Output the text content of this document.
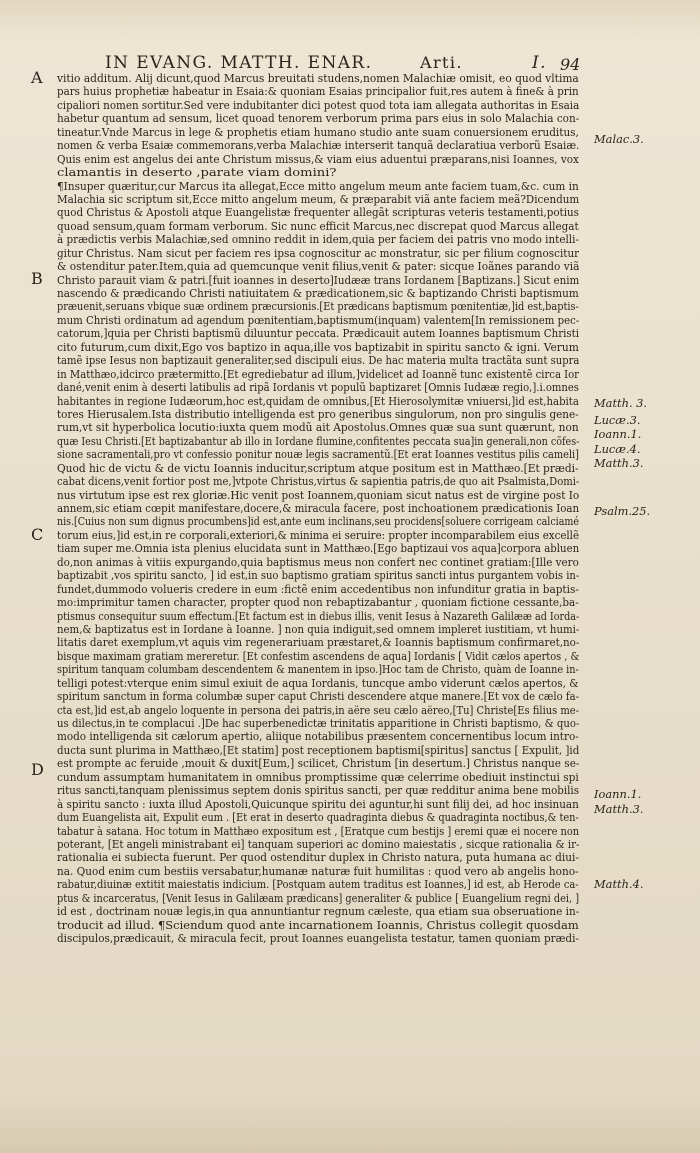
IN EVANG. MATTH. ENAR.	Arti.	I. 94
A
B
C
D
Malac.3.
Matth. 3.
Lucæ.3.
Ioann.1.
Lucæ.4.
Matth.3.
Psalm.25.
Ioann.1.
Matth.3.
Matth.4.
vitio additum. Alij dicunt,quod Marcus breuitati studens,nomen Malachiæ omisit, eo quod vltima
pars huius prophetiæ habeatur in Esaia:& quoniam Esaias principalior fuit,res autem à fine& à prin
cipaliori nomen sortitur.Sed vere indubitanter dici potest quod tota iam allegata authoritas in Esaia
habetur quantum ad sensum, licet quoad tenorem verborum prima pars eius in solo Malachia con-
tineatur.Vnde Marcus in lege & prophetis etiam humano studio ante suam conuersionem eruditus,
nomen & verba Esaiæ commemorans,verba Malachiæ interserit tanquã declaratiua verborũ Esaiæ.
Quis enim est angelus dei ante Christum missus,& viam eius aduentui præparans,nisi Ioannes, vox
clamantis in deserto ,parate viam domini?
¶Insuper quæritur,cur Marcus ita allegat,Ecce mitto angelum meum ante faciem tuam,&c. cum in
Malachia sic scriptum sit,Ecce mitto angelum meum, & præparabit viã ante faciem meã?Dicendum
quod Christus & Apostoli atque Euangelistæ frequenter allegãt scripturas veteris testamenti,potius
quoad sensum,quam formam verborum. Sic nunc efficit Marcus,nec discrepat quod Marcus allegat
à prædictis verbis Malachiæ,sed omnino reddit in idem,quia per faciem dei patris vno modo intelli-
gitur Christus. Nam sicut per faciem res ipsa cognoscitur ac monstratur, sic per filium cognoscitur
& ostenditur pater.Item,quia ad quemcunque venit filius,venit & pater: sicque Ioãnes parando viã
Christo parauit viam & patri.[fuit ioannes in deserto]Iudææ trans Iordanem [Baptizans.] Sicut enim
nascendo & prædicando Christi natiuitatem & prædicationem,sic & baptizando Christi baptismum
præuenit,seruans vbique suæ ordinem præcursionis.[Et prædicans baptismum pœnitentiæ,]id est,baptis-
mum Christi ordinatum ad agendum pœnitentiam,baptismum(inquam) valentem[In remissionem pec-
catorum,]quia per Christi baptismũ diluuntur peccata. Prædicauit autem Ioannes baptismum Christi
cito futurum,cum dixit,Ego vos baptizo in aqua,ille vos baptizabit in spiritu sancto & igni. Verum
tamẽ ipse Iesus non baptizauit generaliter,sed discipuli eius. De hac materia multa tractãta sunt supra
in Matthæo,idcirco prætermitto.[Et egrediebatur ad illum,]videlicet ad Ioannẽ tunc existentẽ circa Ior
dané,venit enim à deserti latibulis ad ripã Iordanis vt populũ baptizaret [Omnis Iudææ regio,].i.omnes
habitantes in regione Iudæorum,hoc est,quidam de omnibus,[Et Hierosolymitæ vniuersi,]id est,habita
tores Hierusalem.Ista distributio intelligenda est pro generibus singulorum, non pro singulis gene-
rum,vt sit hyperbolica locutio:iuxta quem modũ ait Apostolus.Omnes quæ sua sunt quærunt, non
quæ Iesu Christi.[Et baptizabantur ab illo in Iordane flumine,confitentes peccata sua]in generali,non cõfes-
sione sacramentali,pro vt confessio ponitur nouæ legis sacramentũ.[Et erat Ioannes vestitus pilis cameli]
Quod hic de victu & de victu Ioannis inducitur,scriptum atque positum est in Matthæo.[Et prædi-
cabat dicens,venit fortior post me,]vtpote Christus,virtus & sapientia patris,de quo ait Psalmista,Domi-
nus virtutum ipse est rex gloriæ.Hic venit post Ioannem,quoniam sicut natus est de virgine post Io
annem,sic etiam cœpit manifestare,docere,& miracula facere, post inchoationem prædicationis Ioan
nis.[Cuius non sum dignus procumbens]id est,ante eum inclinans,seu procidens[soluere corrigeam calciamé
torum eius,]id est,in re corporali,exteriori,& minima ei seruire: propter incomparabilem eius excellẽ
tiam super me.Omnia ista plenius elucidata sunt in Matthæo.[Ego baptizaui vos aqua]corpora abluen
do,non animas à vitiis expurgando,quia baptismus meus non confert nec continet gratiam:[Ille vero
baptizabit ,vos spiritu sancto, ] id est,in suo baptismo gratiam spiritus sancti intus purgantem vobis in-
fundet,dummodo volueris credere in eum :fictẽ enim accedentibus non infunditur gratia in baptis-
mo:imprimitur tamen character, propter quod non rebaptizabantur , quoniam fictione cessante,ba-
ptismus consequitur suum effectum.[Et factum est in diebus illis, venit Iesus à Nazareth Galilææ ad Iorda-
nem,& baptizatus est in Iordane à Ioanne. ] non quia indiguit,sed omnem impleret iustitiam, vt humi-
litatis daret exemplum,vt aquis vim regenerariuam præstaret,& Ioannis baptismum confirmaret,no-
bisque maximam gratiam mereretur. [Et confestim ascendens de aqua] Iordanis [ Vidit cælos apertos , &
spiritum tanquam columbam descendentem & manentem in ipso.]Hoc tam de Christo, quàm de Ioanne in-
telligi potest:vterque enim simul exiuit de aqua Iordanis, tuncque ambo viderunt cælos apertos, &
spiritum sanctum in forma columbæ super caput Christi descendere atque manere.[Et vox de cælo fa-
cta est,]id est,ab angelo loquente in persona dei patris,in aëre seu cælo aëreo,[Tu] Christe[Es filius me-
us dilectus,in te complacui .]De hac superbenedictæ trinitatis apparitione in Christi baptismo, & quo-
modo intelligenda sit cælorum apertio, aliique notabilibus præsentem concernentibus locum intro-
ducta sunt plurima in Matthæo,[Et statim] post receptionem baptismi[spiritus] sanctus [ Expulit, ]id
est prompte ac feruide ,mouit & duxit[Eum,] scilicet, Christum [in desertum.] Christus nanque se-
cundum assumptam humanitatem in omnibus promptissime quæ celerrime obediuit instinctui spi
ritus sancti,tanquam plenissimus septem donis spiritus sancti, per quæ redditur anima bene mobilis
à spiritu sancto : iuxta illud Apostoli,Quicunque spiritu dei aguntur,hi sunt filij dei, ad hoc insinuan
dum Euangelista ait, Expulit eum . [Et erat in deserto quadraginta diebus & quadraginta noctibus,& ten-
tabatur à satana. Hoc totum in Matthæo expositum est , [Eratque cum bestijs ] eremi quæ ei nocere non
poterant, [Et angeli ministrabant ei] tanquam superiori ac domino maiestatis , sicque rationalia & ir-
rationalia ei subiecta fuerunt. Per quod ostenditur duplex in Christo natura, puta humana ac diui-
na. Quod enim cum bestiis versabatur,humanæ naturæ fuit humilitas : quod vero ab angelis hono-
rabatur,diuinæ extitit maiestatis indicium. [Postquam autem traditus est Ioannes,] id est, ab Herode ca-
ptus & incarceratus, [Venit Iesus in Galilæam prædicans] generaliter & publice [ Euangelium regni dei, ]
id est , doctrinam nouæ legis,in qua annuntiantur regnum cæleste, qua etiam sua obseruatione in-
troducit ad illud. ¶Sciendum quod ante incarnationem Ioannis, Christus collegit quosdam
discipulos,prædicauit, & miracula fecit, prout Ioannes euangelista testatur, tamen quoniam prædi-
